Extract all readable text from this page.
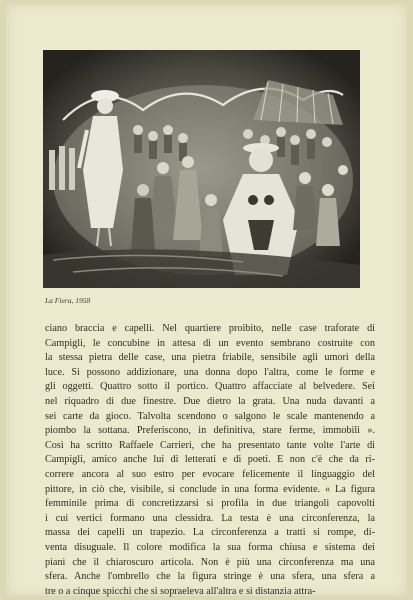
La Fiera, 1958
ciano braccia e capelli. Nel quartiere proibito, nelle case traforate di
Campigli, le concubine in attesa di un evento sembrano costruite con
la stessa pietra delle case, una pietra friabile, sensibile agli umori della
luce. Si possono addizionare, una donna dopo l'altra, come le forme e
gli oggetti. Quattro sotto il portico. Quattro affacciate al belvedere. Sei
nel riquadro di due finestre. Due dietro la grata. Una nuda davanti a
sei carte da gioco. Talvolta scendono o salgono le scale mantenendo a
piombo la sottana. Preferiscono, in definitiva, stare ferme, immobili ».
Così ha scritto Raffaele Carrieri, che ha presentato tante volte l'arte di
Campigli, amico anche lui di letterati e di poeti. E non c'è che da ri-
correre ancora al suo estro per evocare felicemente il linguaggio del
pittore, in ciò che, visibile, si conclude in una forma evidente. « La figura
femminile prima di concretizzarsi si profila in due triangoli capovolti
i cui vertici formano una clessidra. La testa è una circonferenza, la
massa dei capelli un trapezio. La circonferenza a tratti si rompe, di-
venta disuguale. Il colore modifica la sua forma chiusa e sistema dei
piani che il chiaroscuro articola. Non è più una circonferenza ma una
sfera. Anche l'ombrello che la figura stringe è una sfera, una sfera a
tre o a cinque spicchi che si sopraeleva all'altra e si distanzia attra-
